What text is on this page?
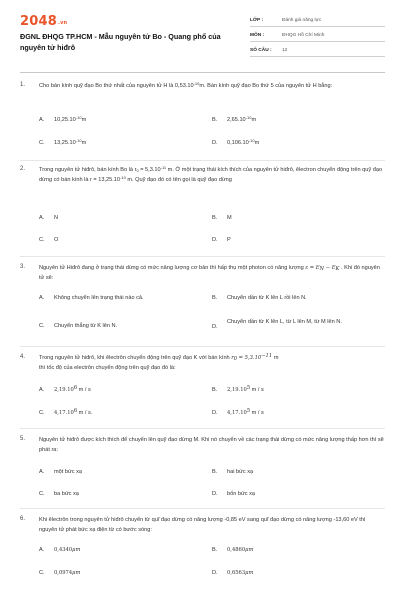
2048.vn
ĐGNL ĐHQG TP.HCM - Mẫu nguyên tử Bo - Quang phổ của nguyên tử hiđrô
LỚP :	Đánh giá năng lực
MÔN :	ĐHQG Hồ Chí Minh
SỐ CÂU :	12
1. Cho bán kính quỹ đạo Bo thứ nhất của nguyên tử H là $0,53.10^{-10}m$. Bán kính quỹ đạo Bo thứ 5 của nguyên tử H bằng:
A. $10,25.10^{-10}m$	B. $2,65.10^{-10}m$
C. $13,25.10^{-10}m$	D. $0,106.10^{-10}m$
2. Trong nguyên tử hiđrô, bán kính Bo là $r_0 = 5,3.10^{-11}$ m. Ở một trạng thái kích thích của nguyên tử hiđrô, êlectron chuyển động trên quỹ đạo dừng có bán kính là $r = 13,25.10^{-10}$ m. Quỹ đạo đó có tên gọi là quỹ đạo dừng
A. N	B. M
C. O	D. P
3. Nguyên tử Hiđrô đang ở trạng thái dừng có mức năng lượng cơ bản thì hấp thụ một photon có năng lượng $\varepsilon = E_N - E_K$ . Khi đó nguyên tử sẽ:
A. Không chuyển lên trạng thái nào cả.	B. Chuyển dần từ K lên L rồi lên N.
C. Chuyển thẳng từ K lên N.	D.
Chuyển dần từ K lên L, từ L lên M, từ M lên N.
4. Trong nguyên tử hiđrô, khi êlectrôn chuyển động trên quỹ đạo K với bán kính $r_0 = 5,3.10^{-11}$ m
thì tốc độ của electrôn chuyển động trên quỹ đạo đó là:
A. 2,19.10$^6$ m / s	B. 2,19.10$^5$ m / s
C. 4,17.10$^6$ m / s.	D. 4,17.10$^5$ m / s
5. Nguyên tử hiđrô được kích thích để chuyển lên quỹ đạo dừng M. Khi nó chuyển về các trạng thái dừng có mức năng lượng thấp hơn thì sẽ phát ra:
A. một bức xạ	B. hai bức xạ
C. ba bức xạ	D. bốn bức xạ
6. Khi êlectrôn trong nguyên tử hiđrô chuyển từ quĩ đạo dừng có năng lượng -0,85 eV sang quĩ đạo dừng có năng lượng -13,60 eV thì nguyên tử phát bức xạ điện từ có bước sóng:
A. 0,4340μm	B. 0,4860μm
C. 0,0974μm	D. 0,6563μm
